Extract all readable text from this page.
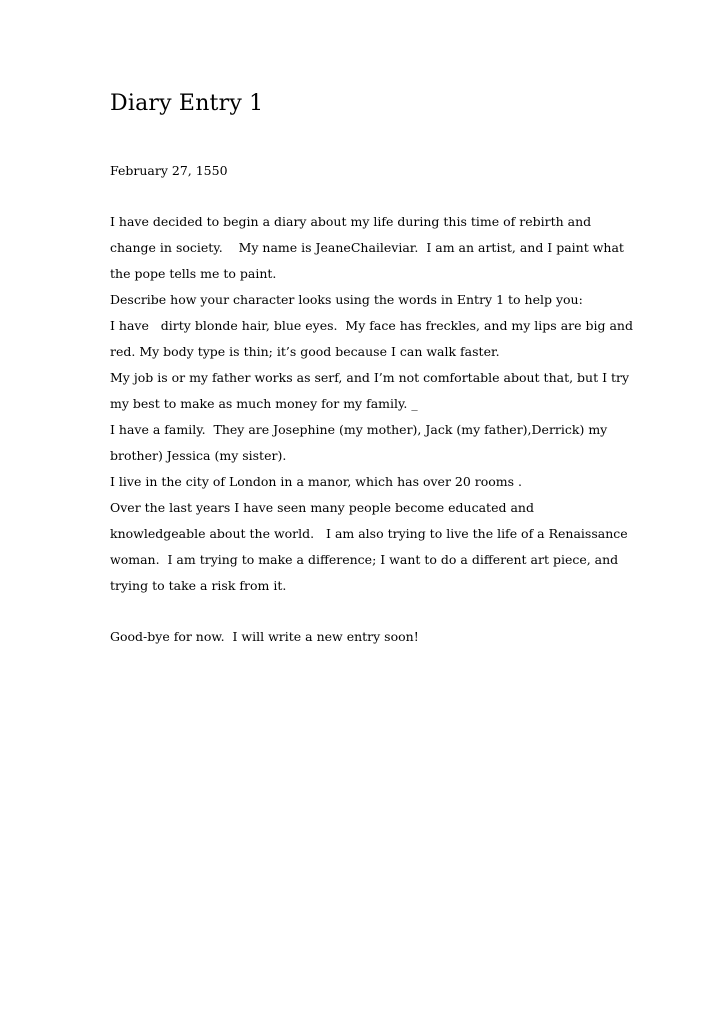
Diary Entry 1

February 27, 1550

I have decided to begin a diary about my life during this time of rebirth and

change in society.    My name is JeaneChaileviar.  I am an artist, and I paint what

the pope tells me to paint.

Describe how your character looks using the words in Entry 1 to help you:

I have   dirty blonde hair, blue eyes.  My face has freckles, and my lips are big and

red. My body type is thin; it’s good because I can walk faster.

My job is or my father works as serf, and I’m not comfortable about that, but I try

my best to make as much money for my family. _

I have a family.  They are Josephine (my mother), Jack (my father),Derrick) my

brother) Jessica (my sister).

I live in the city of London in a manor, which has over 20 rooms .

Over the last years I have seen many people become educated and

knowledgeable about the world.   I am also trying to live the life of a Renaissance

woman.  I am trying to make a difference; I want to do a different art piece, and

trying to take a risk from it.

Good-bye for now.  I will write a new entry soon!
